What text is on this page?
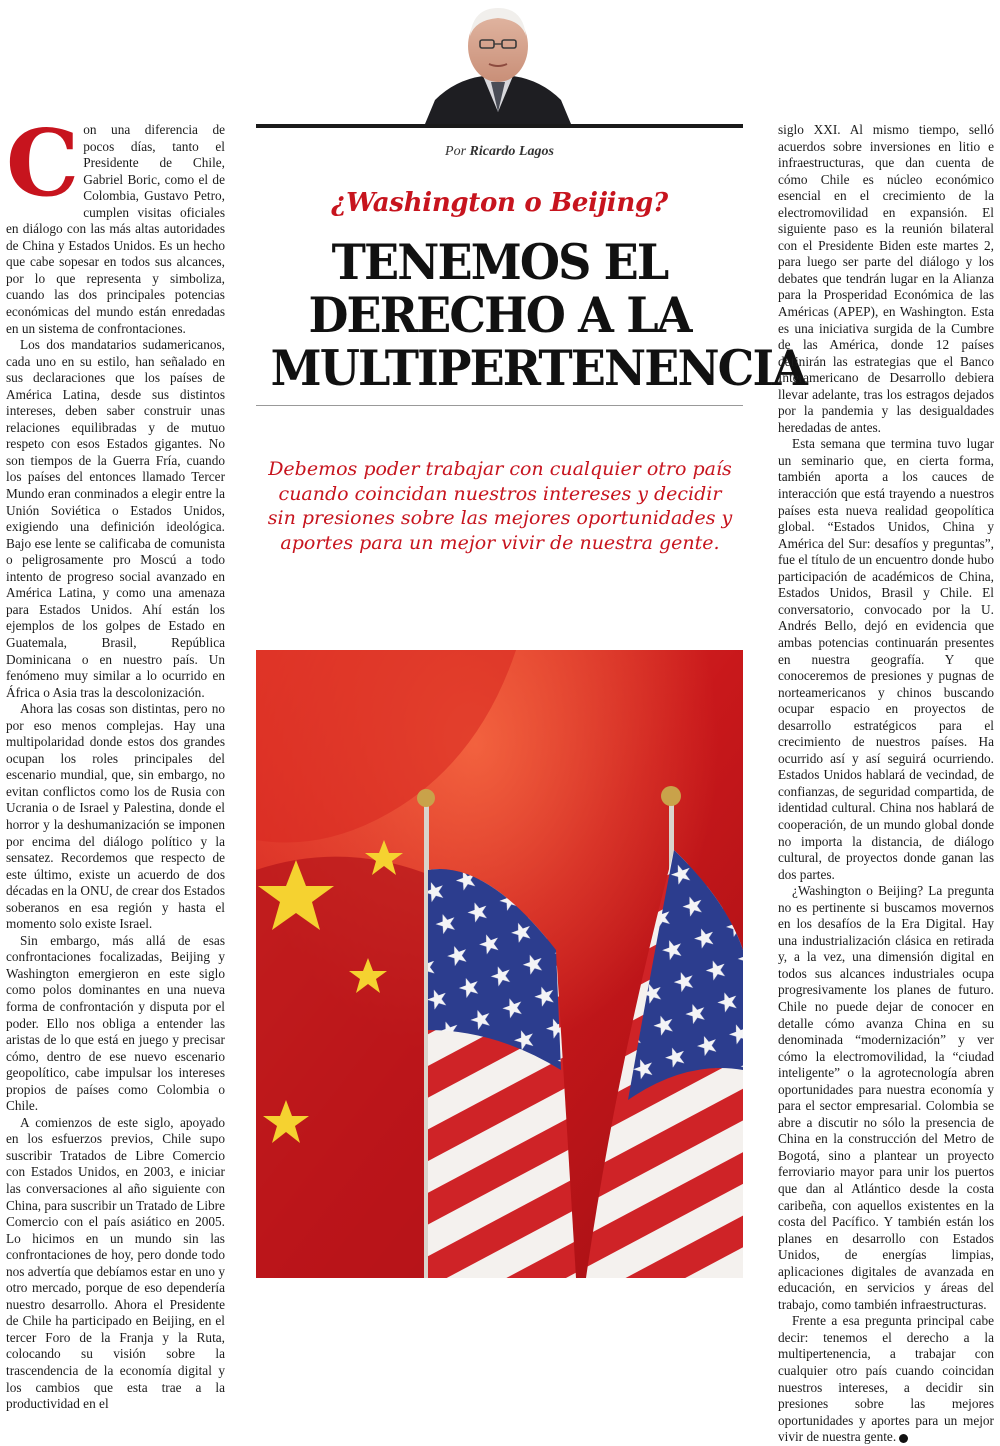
Por Ricardo Lagos
¿Washington o Beijing?
TENEMOS EL
DERECHO A LA
MULTIPERTENENCIA
Debemos poder trabajar con cualquier otro país cuando coincidan nuestros intereses y decidir sin presiones sobre las mejores oportunidades y aportes para un mejor vivir de nuestra gente.

Con una diferencia de pocos días, tanto el Presidente de Chile, Gabriel Boric, como el de Colombia, Gustavo Petro, cumplen visitas oficiales en diálogo con las más altas autoridades de China y Estados Unidos. Es un hecho que cabe sopesar en todos sus alcances, por lo que representa y simboliza, cuando las dos principales potencias económicas del mundo están enredadas en un sistema de confrontaciones.

Los dos mandatarios sudamericanos, cada uno en su estilo, han señalado en sus declaraciones que los países de América Latina, desde sus distintos intereses, deben saber construir unas relaciones equilibradas y de mutuo respeto con esos Estados gigantes. No son tiempos de la Guerra Fría, cuando los países del entonces llamado Tercer Mundo eran conminados a elegir entre la Unión Soviética o Estados Unidos, exigiendo una definición ideológica. Bajo ese lente se calificaba de comunista o peligrosamente pro Moscú a todo intento de progreso social avanzado en América Latina, y como una amenaza para Estados Unidos. Ahí están los ejemplos de los golpes de Estado en Guatemala, Brasil, República Dominicana o en nuestro país. Un fenómeno muy similar a lo ocurrido en África o Asia tras la descolonización.

Ahora las cosas son distintas, pero no por eso menos complejas. Hay una multipolaridad donde estos dos grandes ocupan los roles principales del escenario mundial, que, sin embargo, no evitan conflictos como los de Rusia con Ucrania o de Israel y Palestina, donde el horror y la deshumanización se imponen por encima del diálogo político y la sensatez. Recordemos que respecto de este último, existe un acuerdo de dos décadas en la ONU, de crear dos Estados soberanos en esa región y hasta el momento solo existe Israel.

Sin embargo, más allá de esas confrontaciones focalizadas, Beijing y Washington emergieron en este siglo como polos dominantes en una nueva forma de confrontación y disputa por el poder. Ello nos obliga a entender las aristas de lo que está en juego y precisar cómo, dentro de ese nuevo escenario geopolítico, cabe impulsar los intereses propios de países como Colombia o Chile.

A comienzos de este siglo, apoyado en los esfuerzos previos, Chile supo suscribir Tratados de Libre Comercio con Estados Unidos, en 2003, e iniciar las conversaciones al año siguiente con China, para suscribir un Tratado de Libre Comercio con el país asiático en 2005. Lo hicimos en un mundo sin las confrontaciones de hoy, pero donde todo nos advertía que debíamos estar en uno y otro mercado, porque de eso dependería nuestro desarrollo. Ahora el Presidente de Chile ha participado en Beijing, en el tercer Foro de la Franja y la Ruta, colocando su visión sobre la trascendencia de la economía digital y los cambios que esta trae a la productividad en el

siglo XXI. Al mismo tiempo, selló acuerdos sobre inversiones en litio e infraestructuras, que dan cuenta de cómo Chile es núcleo económico esencial en el crecimiento de la electromovilidad en expansión. El siguiente paso es la reunión bilateral con el Presidente Biden este martes 2, para luego ser parte del diálogo y los debates que tendrán lugar en la Alianza para la Prosperidad Económica de las Américas (APEP), en Washington. Esta es una iniciativa surgida de la Cumbre de las América, donde 12 países definirán las estrategias que el Banco Interamericano de Desarrollo debiera llevar adelante, tras los estragos dejados por la pandemia y las desigualdades heredadas de antes.

Esta semana que termina tuvo lugar un seminario que, en cierta forma, también aporta a los cauces de interacción que está trayendo a nuestros países esta nueva realidad geopolítica global. “Estados Unidos, China y América del Sur: desafíos y preguntas”, fue el título de un encuentro donde hubo participación de académicos de China, Estados Unidos, Brasil y Chile. El conversatorio, convocado por la U. Andrés Bello, dejó en evidencia que ambas potencias continuarán presentes en nuestra geografía. Y que conoceremos de presiones y pugnas de norteamericanos y chinos buscando ocupar espacio en proyectos de desarrollo estratégicos para el crecimiento de nuestros países. Ha ocurrido así y así seguirá ocurriendo. Estados Unidos hablará de vecindad, de confianzas, de seguridad compartida, de identidad cultural. China nos hablará de cooperación, de un mundo global donde no importa la distancia, de diálogo cultural, de proyectos donde ganan las dos partes.

¿Washington o Beijing? La pregunta no es pertinente si buscamos movernos en los desafíos de la Era Digital. Hay una industrialización clásica en retirada y, a la vez, una dimensión digital en todos sus alcances industriales ocupa progresivamente los planes de futuro. Chile no puede dejar de conocer en detalle cómo avanza China en su denominada “modernización” y ver cómo la electromovilidad, la “ciudad inteligente” o la agrotecnología abren oportunidades para nuestra economía y para el sector empresarial. Colombia se abre a discutir no sólo la presencia de China en la construcción del Metro de Bogotá, sino a plantear un proyecto ferroviario mayor para unir los puertos que dan al Atlántico desde la costa caribeña, con aquellos existentes en la costa del Pacífico. Y también están los planes en desarrollo con Estados Unidos, de energías limpias, aplicaciones digitales de avanzada en educación, en servicios y áreas del trabajo, como también infraestructuras.

Frente a esa pregunta principal cabe decir: tenemos el derecho a la multipertenencia, a trabajar con cualquier otro país cuando coincidan nuestros intereses, a decidir sin presiones sobre las mejores oportunidades y aportes para un mejor vivir de nuestra gente.
